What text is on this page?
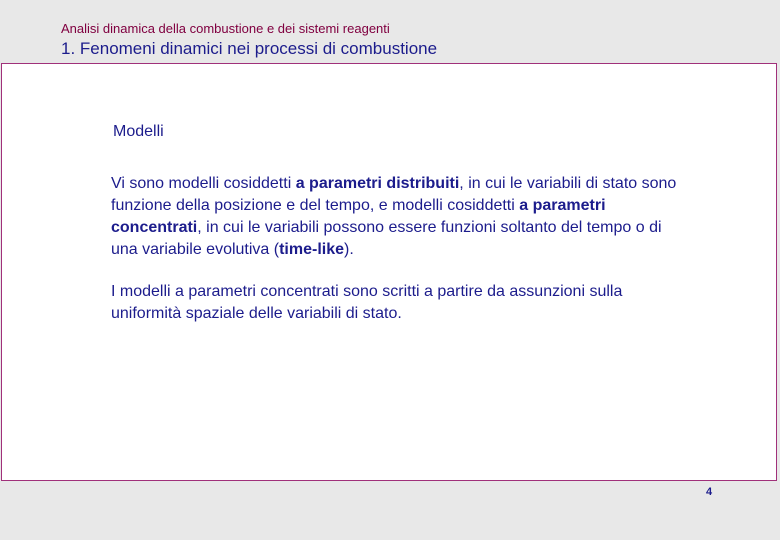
Analisi dinamica della combustione e dei sistemi reagenti
1. Fenomeni dinamici nei processi di combustione
Modelli

Vi sono modelli cosiddetti a parametri distribuiti, in cui le variabili di stato sono funzione della posizione e del tempo, e modelli cosiddetti a parametri concentrati, in cui le variabili possono essere funzioni soltanto del tempo o di una variabile evolutiva (time-like).

I modelli a parametri concentrati sono scritti a partire da assunzioni sulla uniformità spaziale delle variabili di stato.

4
